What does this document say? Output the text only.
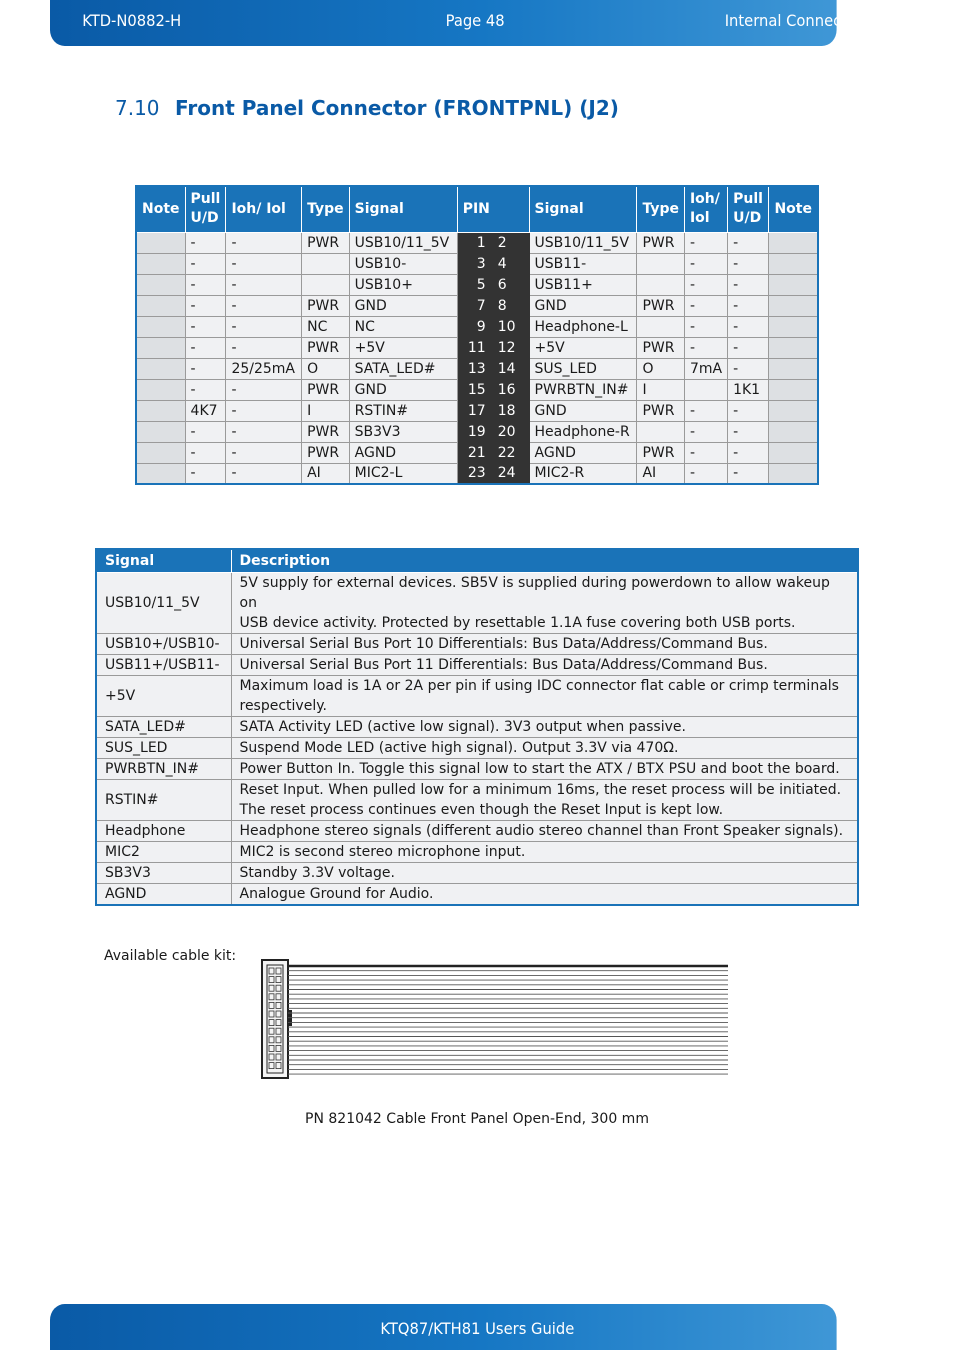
KTD-N0882-H	Page 48	Internal Connectors
7.10 Front Panel Connector (FRONTPNL) (J2)
Note	Pull U/D	Ioh/ Iol	Type	Signal	PIN	Signal	Type	Ioh/ Iol	Pull U/D	Note
	-	-	PWR	USB10/11_5V	1 2	USB10/11_5V	PWR	-	-	
	-	-		USB10-	3 4	USB11-		-	-	
	-	-		USB10+	5 6	USB11+		-	-	
	-	-	PWR	GND	7 8	GND	PWR	-	-	
	-	-	NC	NC	9 10	Headphone-L		-	-	
	-	-	PWR	+5V	11 12	+5V	PWR	-	-	
	-	25/25mA	O	SATA_LED#	13 14	SUS_LED	O	7mA	-	
	-	-	PWR	GND	15 16	PWRBTN_IN#	I		1K1	
	4K7	-	I	RSTIN#	17 18	GND	PWR	-	-	
	-	-	PWR	SB3V3	19 20	Headphone-R		-	-	
	-	-	PWR	AGND	21 22	AGND	PWR	-	-	
	-	-	AI	MIC2-L	23 24	MIC2-R	AI	-	-	
Signal	Description
USB10/11_5V	5V supply for external devices. SB5V is supplied during powerdown to allow wakeup on
USB device activity. Protected by resettable 1.1A fuse covering both USB ports.

USB10+/USB10-	Universal Serial Bus Port 10 Differentials: Bus Data/Address/Command Bus.

USB11+/USB11-	Universal Serial Bus Port 11 Differentials: Bus Data/Address/Command Bus.

+5V	Maximum load is 1A or 2A per pin if using IDC connector flat cable or crimp terminals
respectively.

SATA_LED#	SATA Activity LED (active low signal). 3V3 output when passive.

SUS_LED	Suspend Mode LED (active high signal). Output 3.3V via 470Ω.

PWRBTN_IN#	Power Button In. Toggle this signal low to start the ATX / BTX PSU and boot the board.

RSTIN#	Reset Input. When pulled low for a minimum 16ms, the reset process will be initiated.
The reset process continues even though the Reset Input is kept low.

Headphone	Headphone stereo signals (different audio stereo channel than Front Speaker signals).

MIC2	MIC2 is second stereo microphone input.

SB3V3	Standby 3.3V voltage.

AGND	Analogue Ground for Audio.
Available cable kit:
PN 821042 Cable Front Panel Open-End, 300 mm
KTQ87/KTH81 Users Guide
